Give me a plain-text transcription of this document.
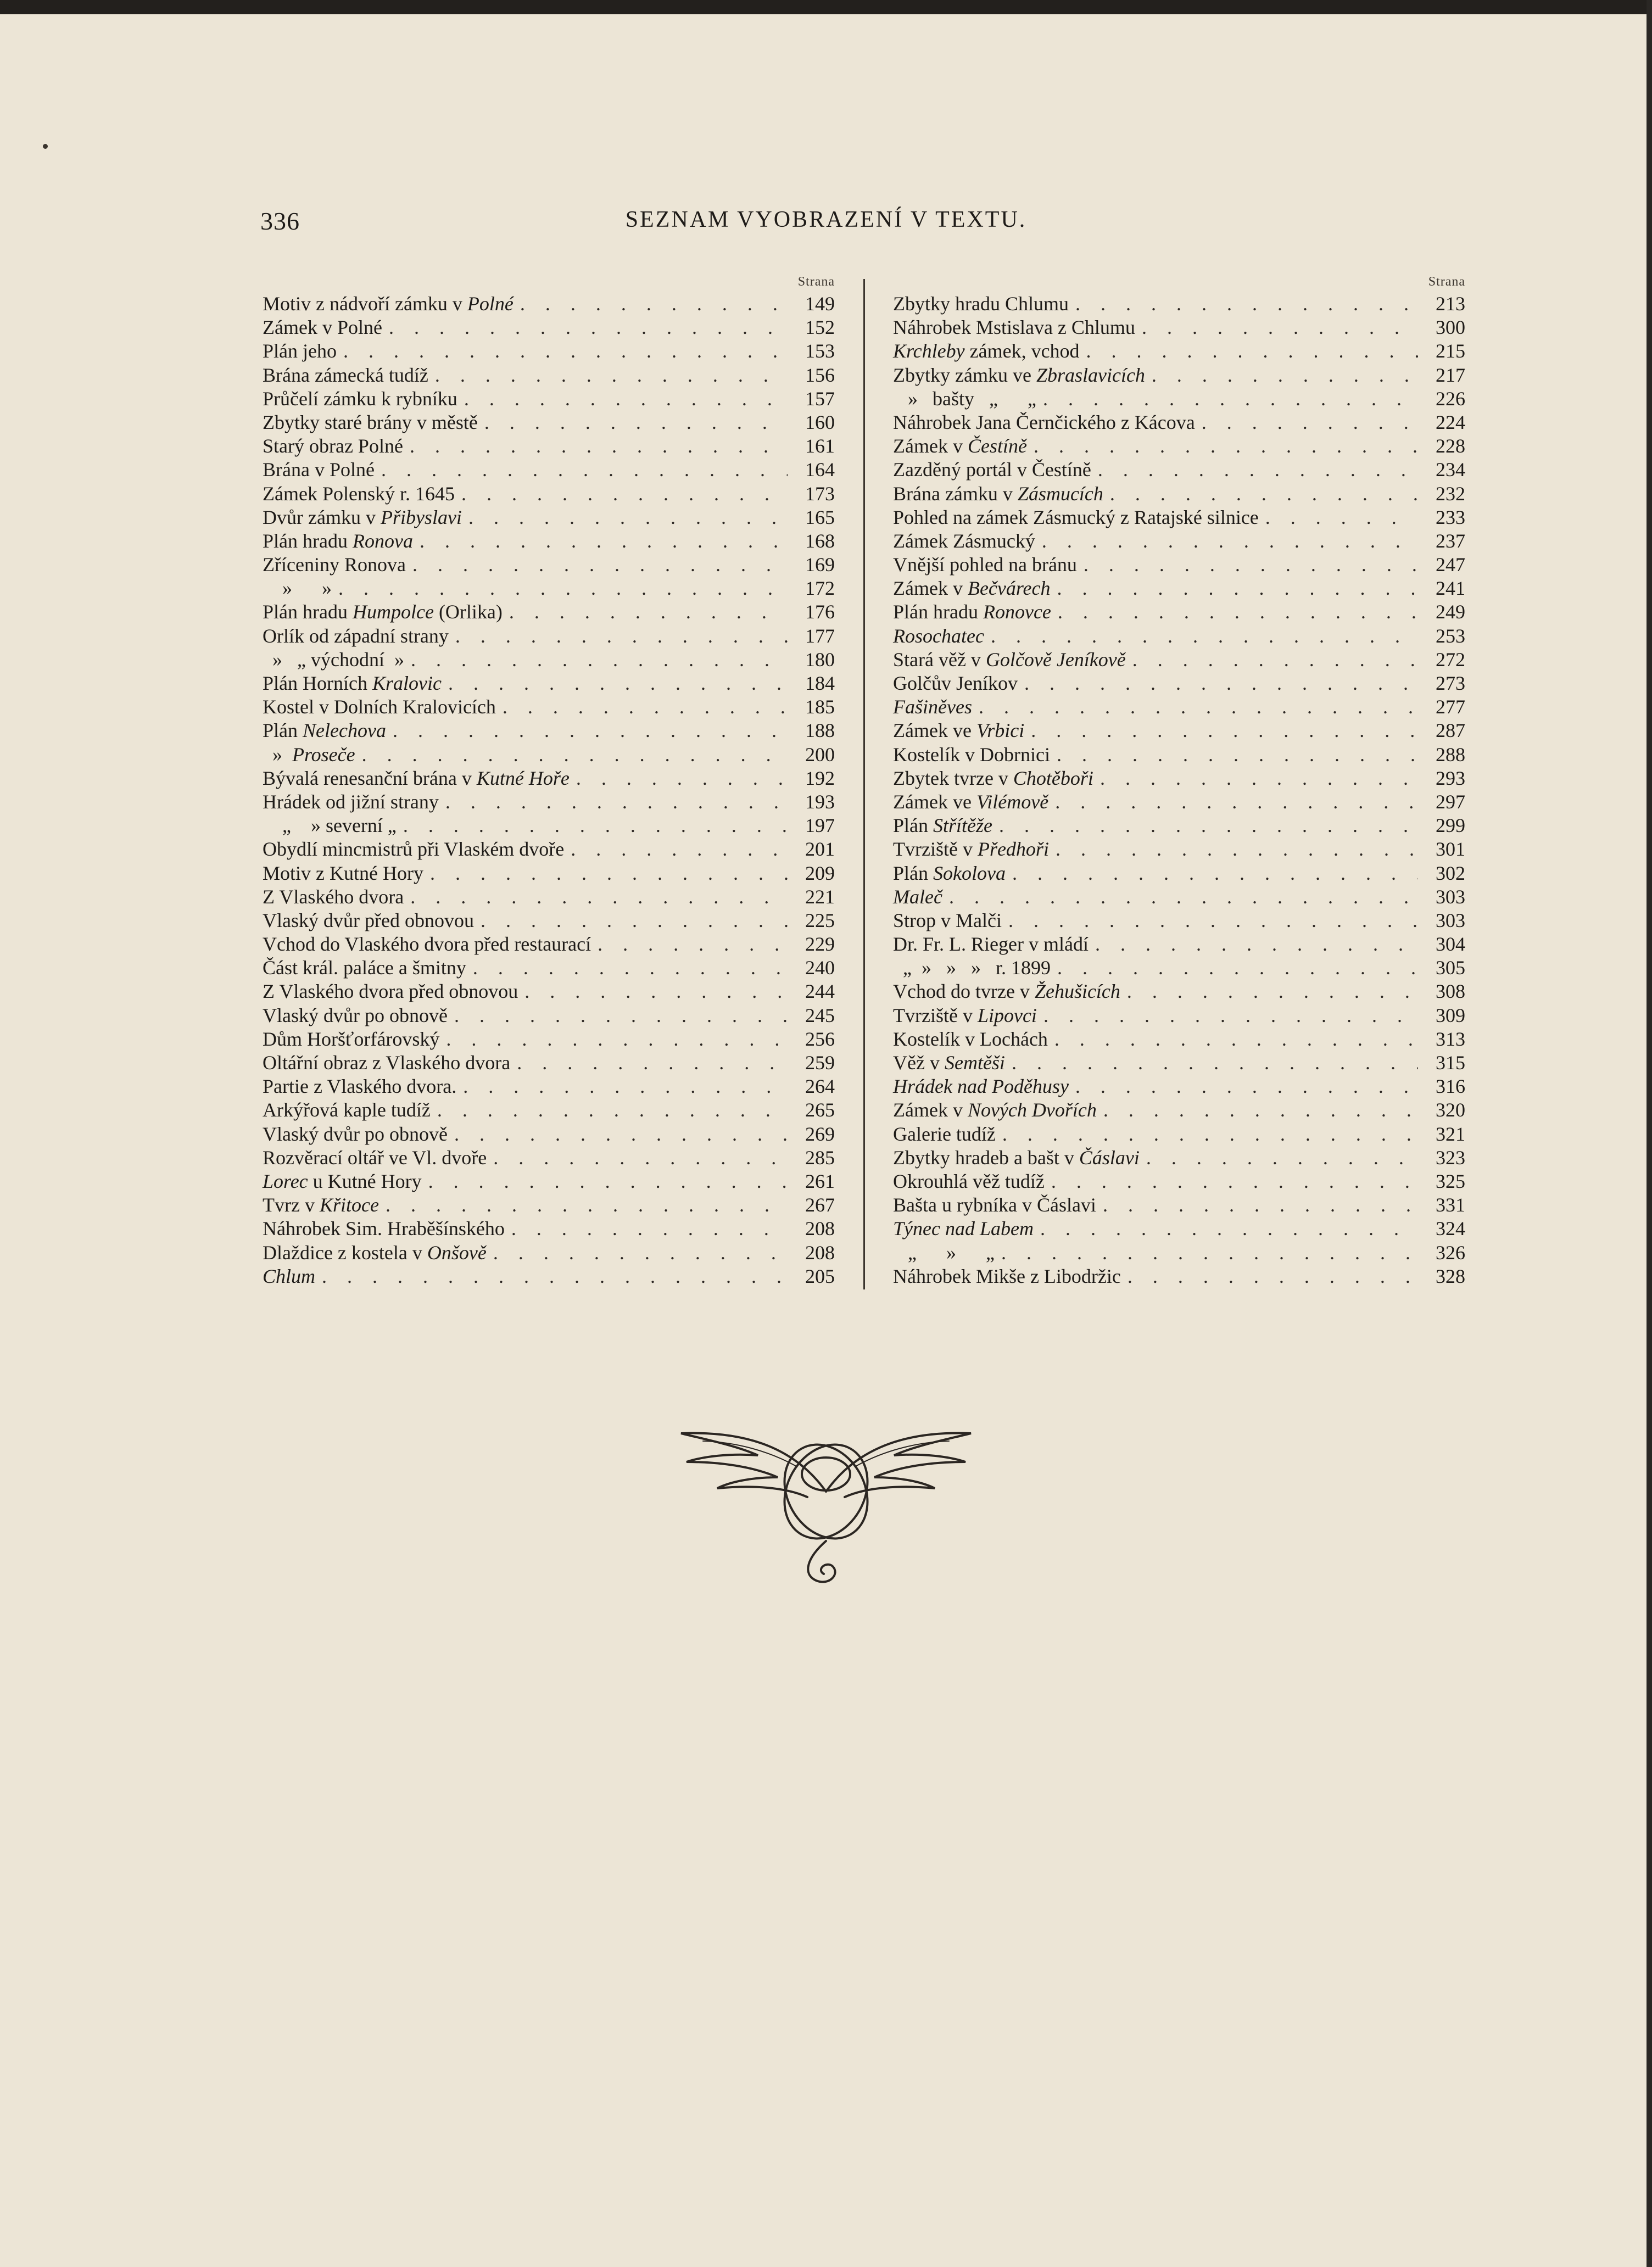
336	SEZNAM VYOBRAZENÍ V TEXTU.
Strana
Motiv z nádvoří zámku v Polné . . .	149
Zámek v Polné . . .	152
Plán jeho . . .	153
Brána zámecká tudíž . . .	156
Průčelí zámku k rybníku . . .	157
Zbytky staré brány v městě . . .	160
Starý obraz Polné . . .	161
Brána v Polné . . .	164
Zámek Polenský r. 1645 . . .	173
Dvůr zámku v Přibyslavi . . .	165
Plán hradu Ronova . . .	168
Zříceniny Ronova . . .	169
»      » . . .	172
Plán hradu Humpolce (Orlika) . . .	176
Orlík od západní strany . . .	177
»   „ východní  » . . .	180
Plán Horních Kralovic . . .	184
Kostel v Dolních Kralovicích . . .	185
Plán Nelechova . . .	188
»  Proseče . . .	200
Bývalá renesanční brána v Kutné Hoře . . .	192
Hrádek od jižní strany . . .	193
„    » severní „ . . .	197
Obydlí mincmistrů při Vlaském dvoře . . .	201
Motiv z Kutné Hory . . .	209
Z Vlaského dvora . . .	221
Vlaský dvůr před obnovou . . .	225
Vchod do Vlaského dvora před restaurací . . .	229
Část král. paláce a šmitny . . .	240
Z Vlaského dvora před obnovou . . .	244
Vlaský dvůr po obnově . . .	245
Dům Horšťorfárovský . . .	256
Oltářní obraz z Vlaského dvora . . .	259
Partie z Vlaského dvora. . . .	264
Arkýřová kaple tudíž . . .	265
Vlaský dvůr po obnově . . .	269
Rozvěrací oltář ve Vl. dvoře . . .	285
Lorec u Kutné Hory . . .	261
Tvrz v Křitoce . . .	267
Náhrobek Sim. Hraběšínského . . .	208
Dlaždice z kostela v Onšově . . .	208
Chlum . . .	205
Strana
Zbytky hradu Chlumu . . .	213
Náhrobek Mstislava z Chlumu . . .	300
Krchleby zámek, vchod . . .	215
Zbytky zámku ve Zbraslavicích . . .	217
»   bašty   „      „ . . .	226
Náhrobek Jana Černčického z Kácova . . .	224
Zámek v Čestíně . . .	228
Zazděný portál v Čestíně . . .	234
Brána zámku v Zásmucích . . .	232
Pohled na zámek Zásmucký z Ratajské silnice . . .	233
Zámek Zásmucký . . .	237
Vnější pohled na bránu . . .	247
Zámek v Bečvárech . . .	241
Plán hradu Ronovce . . .	249
Rosochatec . . .	253
Stará věž v Golčově Jeníkově . . .	272
Golčův Jeníkov . . .	273
Fašiněves . . .	277
Zámek ve Vrbici . . .	287
Kostelík v Dobrnici . . .	288
Zbytek tvrze v Chotěboři . . .	293
Zámek ve Vilémově . . .	297
Plán Střítěže . . .	299
Tvrziště v Předhoři . . .	301
Plán Sokolova . . .	302
Maleč . . .	303
Strop v Malči . . .	303
Dr. Fr. L. Rieger v mládí . . .	304
„  »   »   »   r. 1899 . . .	305
Vchod do tvrze v Žehušicích . . .	308
Tvrziště v Lipovci . . .	309
Kostelík v Lochách . . .	313
Věž v Semtěši . . .	315
Hrádek nad Poděhusy . . .	316
Zámek v Nových Dvořích . . .	320
Galerie tudíž . . .	321
Zbytky hradeb a bašt v Čáslavi . . .	323
Okrouhlá věž tudíž . . .	325
Bašta u rybníka v Čáslavi . . .	331
Týnec nad Labem . . .	324
„      »      „ . . .	326
Náhrobek Mikše z Libodržic . . .	328
